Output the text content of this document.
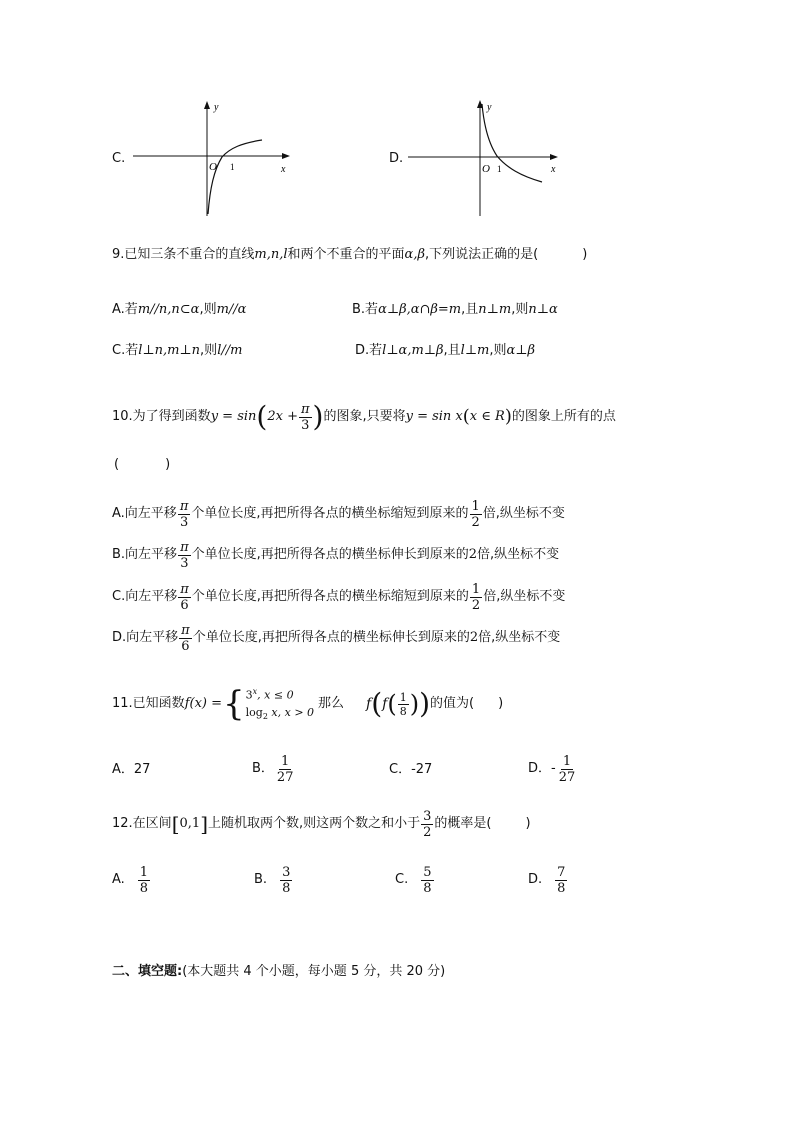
C.
y
x
O 1
D.
y
x
O 1
9.已知三条不重合的直线m,n,l和两个不重合的平面α,β,下列说法正确的是(	)
A.若m//n,n⊂α,则m//α	B.若α⊥β,α∩β=m,且n⊥m,则n⊥α
C.若l⊥n,m⊥n,则l//m	D.若l⊥α,m⊥β,且l⊥m,则α⊥β
10.为了得到函数 y = sin ( $2x + \frac{\pi}{3}$ ) 的图象,只要将 y = sin x ( x ∈ R ) 的图象上所有的点
(	)
A.向左平移 $\frac{\pi}{3}$ 个单位长度,再把所得各点的横坐标缩短到原来的 $\frac{1}{2}$ 倍,纵坐标不变
B.向左平移 $\frac{\pi}{3}$ 个单位长度,再把所得各点的横坐标伸长到原来的 2 倍,纵坐标不变
C.向左平移 $\frac{\pi}{6}$ 个单位长度,再把所得各点的横坐标缩短到原来的 $\frac{1}{2}$ 倍,纵坐标不变
D.向左平移 $\frac{\pi}{6}$ 个单位长度,再把所得各点的横坐标伸长到原来的 2 倍,纵坐标不变
11.已知函数 f(x) = { 3$^x$, x ≤ 0
$\log_2 x$, x > 0
那么 f ( f ( $\frac{1}{8}$ ) ) 的值为( )
A．27	B． $\frac{1}{27}$	C．-27	D．- $\frac{1}{27}$
12.在区间 [ 0,1 ] 上随机取两个数,则这两个数之和小于 $\frac{3}{2}$ 的概率是(	)
A. $\frac{1}{8}$	B. $\frac{3}{8}$	C. $\frac{5}{8}$	D. $\frac{7}{8}$
二、填空题:(本大题共 4 个小题，每小题 5 分，共 20 分)
